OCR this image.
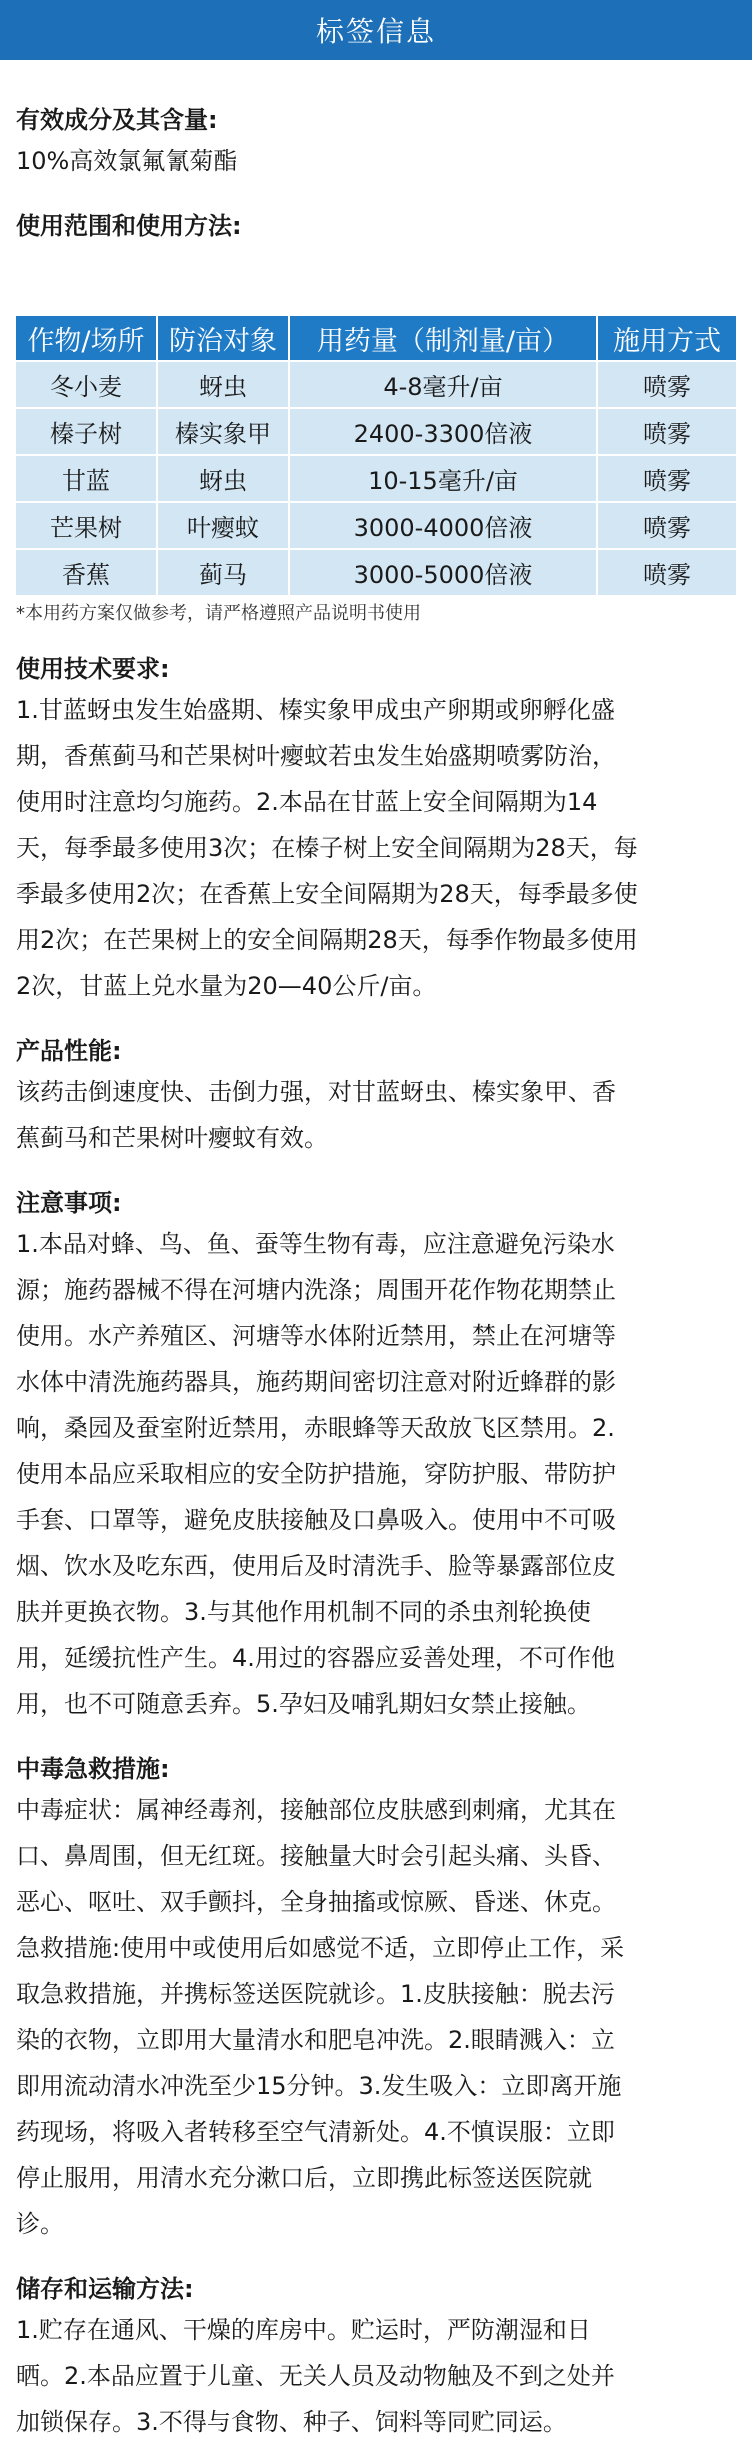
标签信息
有效成分及其含量:
10%高效氯氟氰菊酯
使用范围和使用方法:
作物/场所	防治对象	用药量（制剂量/亩）	施用方式
冬小麦	蚜虫	4-8毫升/亩	喷雾
榛子树	榛实象甲	2400-3300倍液	喷雾
甘蓝	蚜虫	10-15毫升/亩	喷雾
芒果树	叶瘿蚊	3000-4000倍液	喷雾
香蕉	蓟马	3000-5000倍液	喷雾
*本用药方案仅做参考，请严格遵照产品说明书使用
使用技术要求:
1.甘蓝蚜虫发生始盛期、榛实象甲成虫产卵期或卵孵化盛
期，香蕉蓟马和芒果树叶瘿蚊若虫发生始盛期喷雾防治，
使用时注意均匀施药。2.本品在甘蓝上安全间隔期为14
天，每季最多使用3次；在榛子树上安全间隔期为28天，每
季最多使用2次；在香蕉上安全间隔期为28天，每季最多使
用2次；在芒果树上的安全间隔期28天，每季作物最多使用
2次，甘蓝上兑水量为20—40公斤/亩。
产品性能:
该药击倒速度快、击倒力强，对甘蓝蚜虫、榛实象甲、香
蕉蓟马和芒果树叶瘿蚊有效。
注意事项:
1.本品对蜂、鸟、鱼、蚕等生物有毒，应注意避免污染水
源；施药器械不得在河塘内洗涤；周围开花作物花期禁止
使用。水产养殖区、河塘等水体附近禁用，禁止在河塘等
水体中清洗施药器具，施药期间密切注意对附近蜂群的影
响，桑园及蚕室附近禁用，赤眼蜂等天敌放飞区禁用。2.
使用本品应采取相应的安全防护措施，穿防护服、带防护
手套、口罩等，避免皮肤接触及口鼻吸入。使用中不可吸
烟、饮水及吃东西，使用后及时清洗手、脸等暴露部位皮
肤并更换衣物。3.与其他作用机制不同的杀虫剂轮换使
用，延缓抗性产生。4.用过的容器应妥善处理，不可作他
用，也不可随意丢弃。5.孕妇及哺乳期妇女禁止接触。
中毒急救措施:
中毒症状：属神经毒剂，接触部位皮肤感到刺痛，尤其在
口、鼻周围，但无红斑。接触量大时会引起头痛、头昏、
恶心、呕吐、双手颤抖，全身抽搐或惊厥、昏迷、休克。
急救措施:使用中或使用后如感觉不适，立即停止工作，采
取急救措施，并携标签送医院就诊。1.皮肤接触：脱去污
染的衣物，立即用大量清水和肥皂冲洗。2.眼睛溅入：立
即用流动清水冲洗至少15分钟。3.发生吸入：立即离开施
药现场，将吸入者转移至空气清新处。4.不慎误服：立即
停止服用，用清水充分漱口后，立即携此标签送医院就
诊。
储存和运输方法:
1.贮存在通风、干燥的库房中。贮运时，严防潮湿和日
晒。2.本品应置于儿童、无关人员及动物触及不到之处并
加锁保存。3.不得与食物、种子、饲料等同贮同运。
